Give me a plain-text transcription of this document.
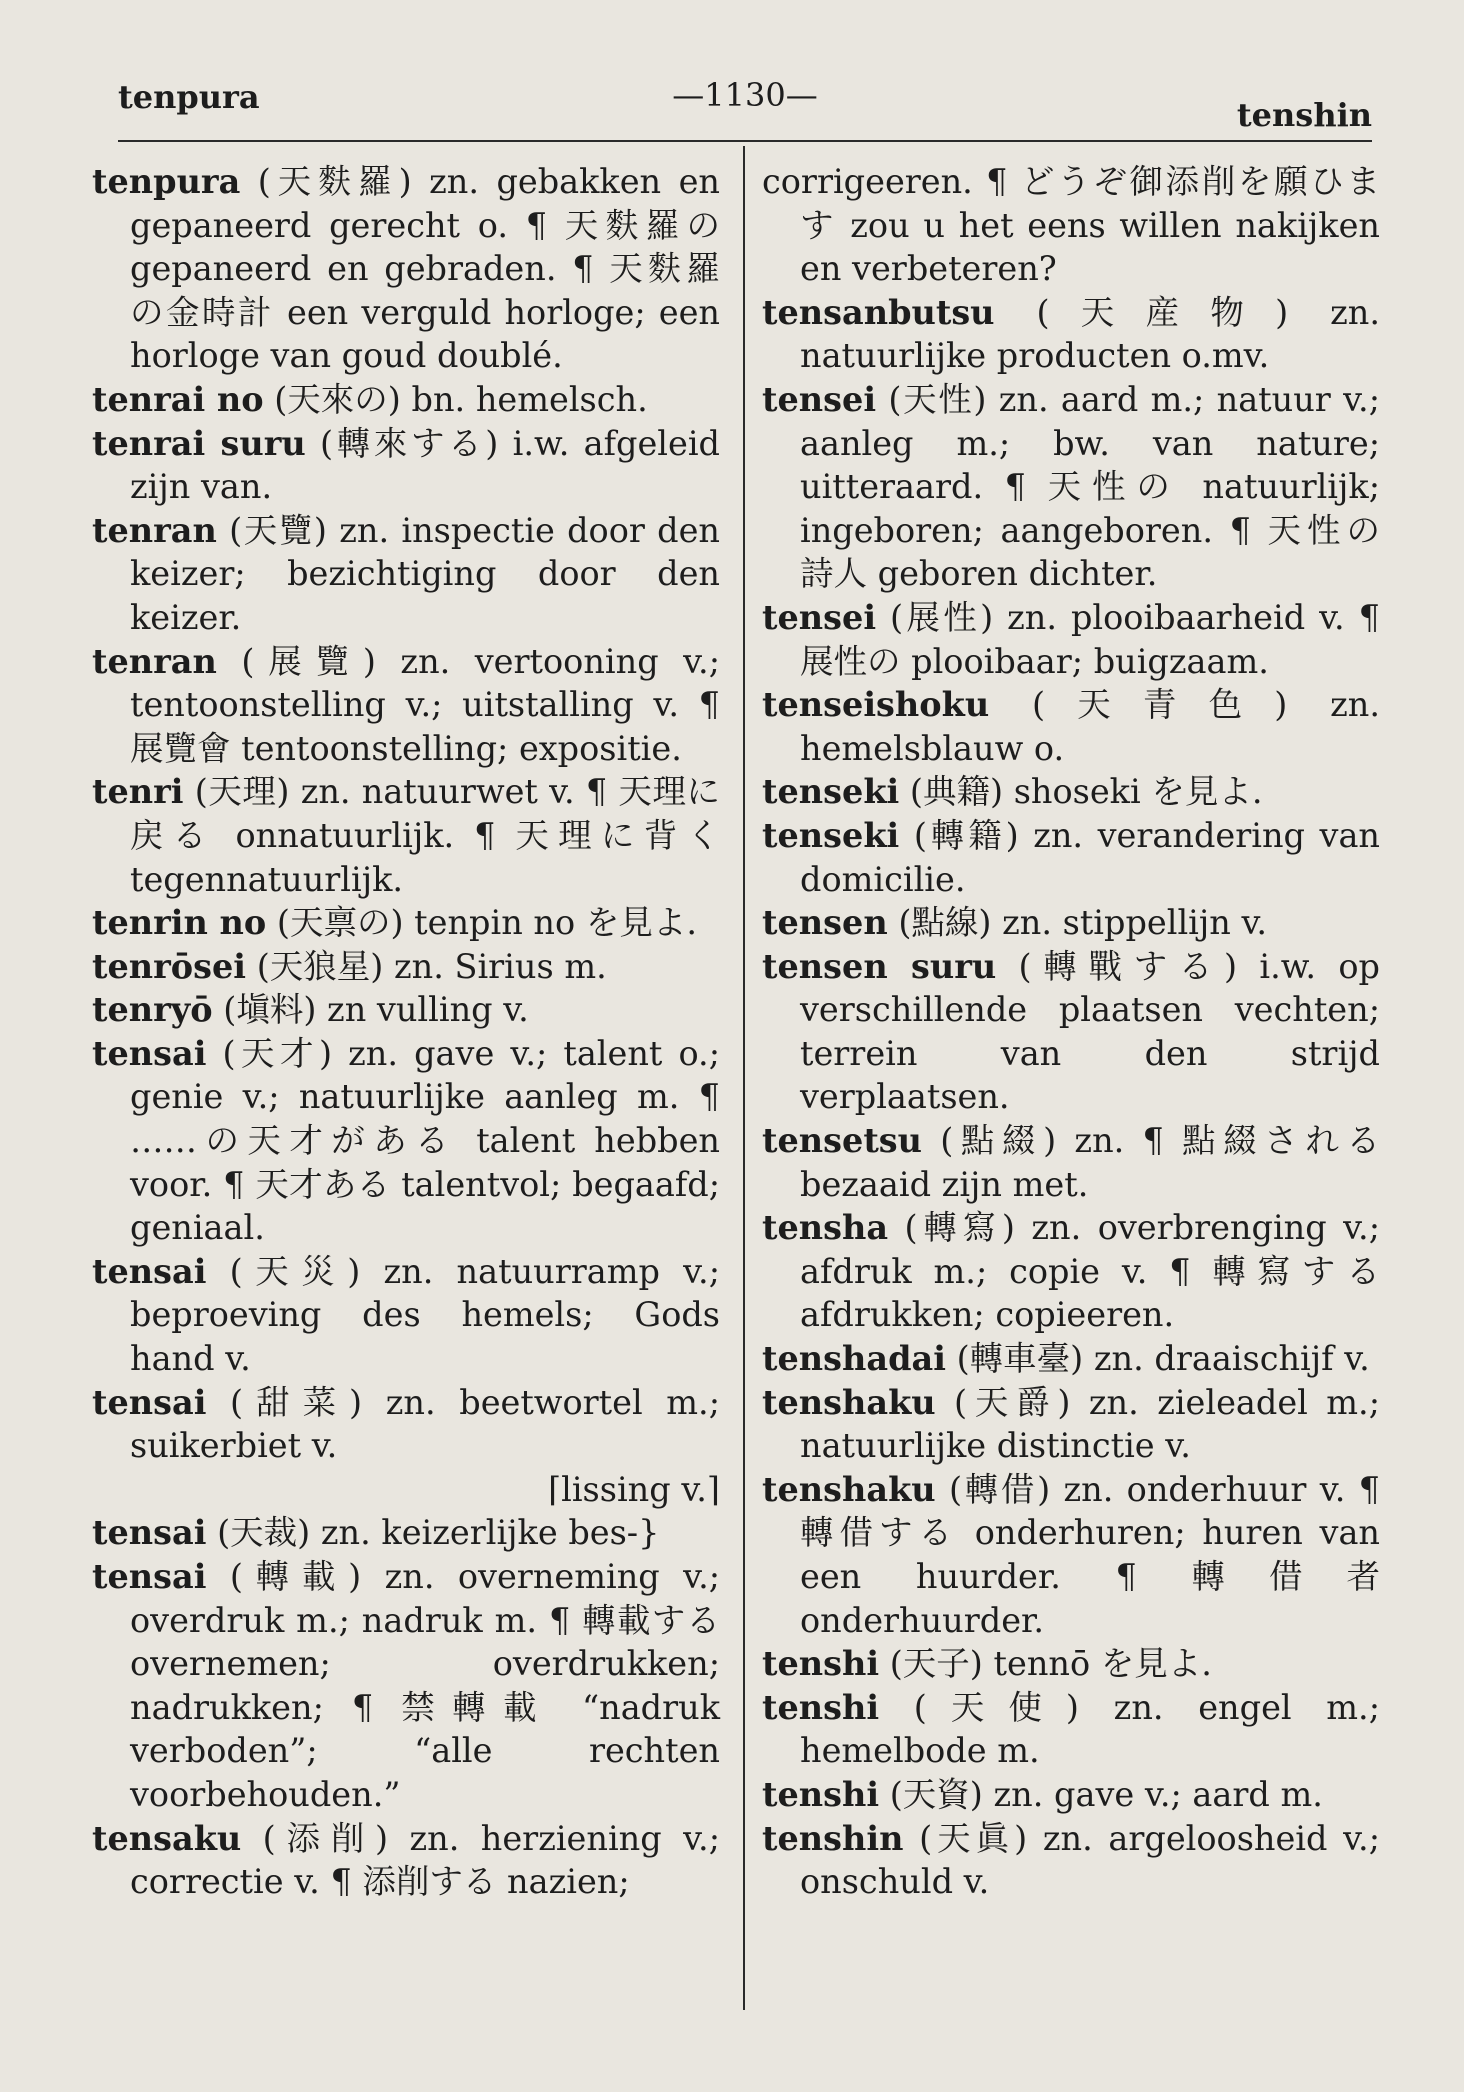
tenpura	—1130—
tenshin

tenpura (天麩羅) zn. gebakken en gepaneerd gerecht o. ¶ 天麩羅の gepaneerd en gebraden. ¶ 天麩羅の金時計 een verguld horloge; een horloge van goud doublé.

tenrai no (天來の) bn. hemelsch.

tenrai suru (轉來する) i.w. afgeleid zijn van.

tenran (天覽) zn. inspectie door den keizer; bezichtiging door den keizer.

tenran (展覽) zn. vertooning v.; tentoonstelling v.; uitstalling v. ¶ 展覽會 tentoonstelling; expositie.

tenri (天理) zn. natuurwet v. ¶ 天理に戻る onnatuurlijk. ¶ 天理に背く tegennatuurlijk.

tenrin no (天禀の) tenpin no を見よ.

tenrōsei (天狼星) zn. Sirius m.

tenryō (塡料) zn vulling v.

tensai (天才) zn. gave v.; talent o.; genie v.; natuurlijke aanleg m. ¶ ……の天才がある talent hebben voor. ¶ 天才ある talentvol; begaafd; geniaal.

tensai (天災) zn. natuurramp v.; beproeving des hemels; Gods hand v.

tensai (甜菜) zn. beetwortel m.; suikerbiet v.

⌈lissing v.⌉

tensai (天裁) zn. keizerlijke bes-}

tensai (轉載) zn. overneming v.; overdruk m.; nadruk m. ¶ 轉載する overnemen; overdrukken; nadrukken; ¶ 禁轉載 “nadruk verboden”; “alle rechten voorbehouden.”

tensaku (添削) zn. herziening v.; correctie v. ¶ 添削する nazien;

corrigeeren. ¶ どうぞ御添削を願ひます zou u het eens willen nakijken en verbeteren?

tensanbutsu (天産物) zn. natuurlijke producten o.mv.

tensei (天性) zn. aard m.; natuur v.; aanleg m.; bw. van nature; uitteraard. ¶ 天性の natuurlijk; ingeboren; aangeboren. ¶ 天性の詩人 geboren dichter.

tensei (展性) zn. plooibaarheid v. ¶ 展性の plooibaar; buigzaam.

tenseishoku (天青色) zn. hemelsblauw o.

tenseki (典籍) shoseki を見よ.

tenseki (轉籍) zn. verandering van domicilie.

tensen (點線) zn. stippellijn v.

tensen suru (轉戰する) i.w. op verschillende plaatsen vechten; terrein van den strijd verplaatsen.

tensetsu (點綴) zn. ¶ 點綴される bezaaid zijn met.

tensha (轉寫) zn. overbrenging v.; afdruk m.; copie v. ¶ 轉寫する afdrukken; copieeren.

tenshadai (轉車臺) zn. draaischijf v.

tenshaku (天爵) zn. zieleadel m.; natuurlijke distinctie v.

tenshaku (轉借) zn. onderhuur v. ¶ 轉借する onderhuren; huren van een huurder. ¶ 轉借者 onderhuurder.

tenshi (天子) tennō を見よ.

tenshi (天使) zn. engel m.; hemelbode m.

tenshi (天資) zn. gave v.; aard m.

tenshin (天眞) zn. argeloosheid v.; onschuld v.
